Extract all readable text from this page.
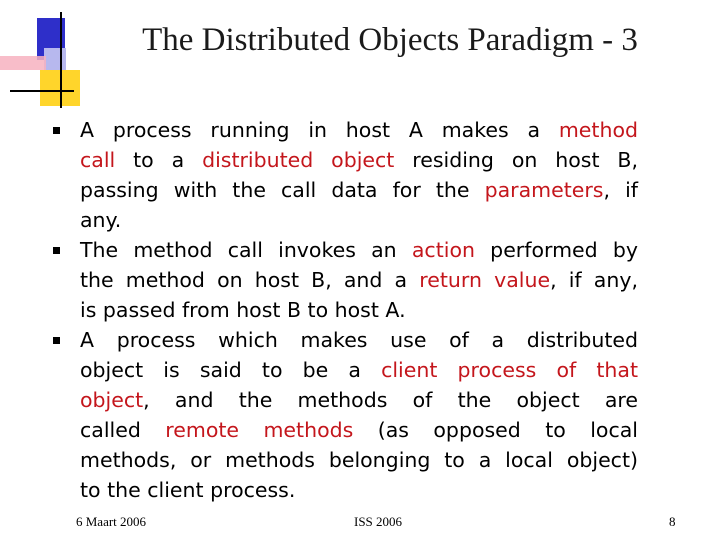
The Distributed Objects Paradigm - 3
A process running in host A makes a method
call to a distributed object residing on host B,
passing with the call data for the parameters, if
any.
The method call invokes an action performed by
the method on host B, and a return value, if any,
is passed from host B to host A.
A process which makes use of a distributed
object is said to be a client process of that
object, and the methods of the object are
called remote methods (as opposed to local
methods, or methods belonging to a local object)
to the client process.
6 Maart 2006	ISS 2006	8
